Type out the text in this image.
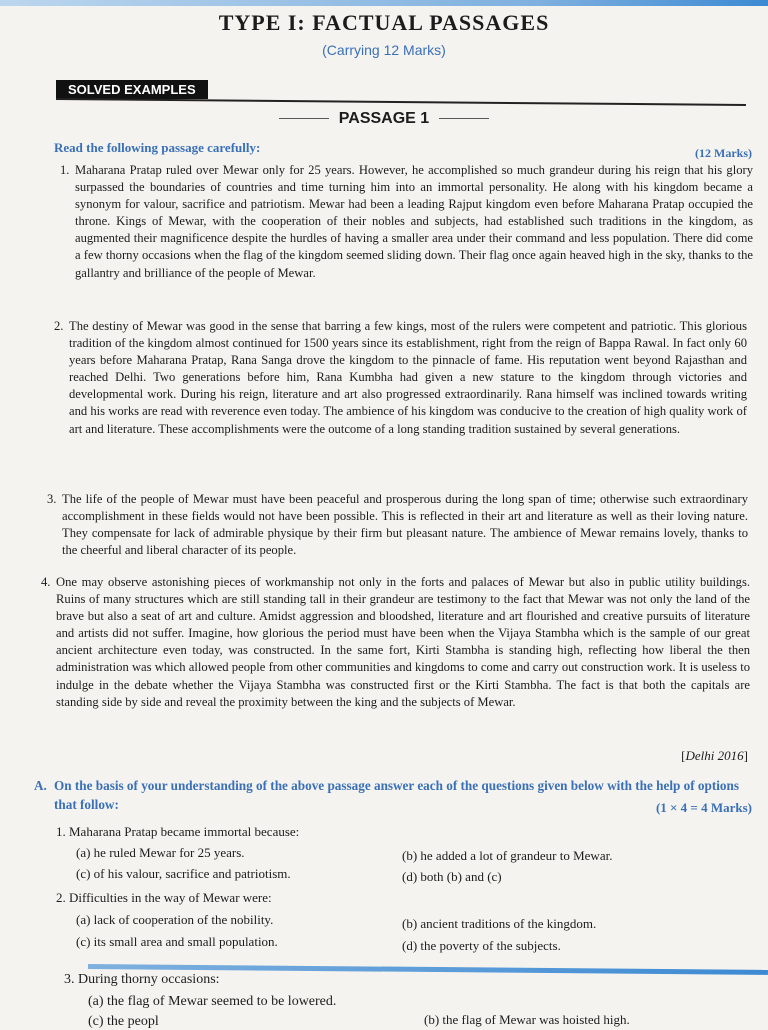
TYPE I: FACTUAL PASSAGES
(Carrying 12 Marks)
SOLVED EXAMPLES
PASSAGE 1
Read the following passage carefully:	(12 Marks)
1. Maharana Pratap ruled over Mewar only for 25 years. However, he accomplished so much grandeur during his reign that his glory surpassed the boundaries of countries and time turning him into an immortal personality. He along with his kingdom became a synonym for valour, sacrifice and patriotism. Mewar had been a leading Rajput kingdom even before Maharana Pratap occupied the throne. Kings of Mewar, with the cooperation of their nobles and subjects, had established such traditions in the kingdom, as augmented their magnificence despite the hurdles of having a smaller area under their command and less population. There did come a few thorny occasions when the flag of the kingdom seemed sliding down. Their flag once again heaved high in the sky, thanks to the gallantry and brilliance of the people of Mewar.
2. The destiny of Mewar was good in the sense that barring a few kings, most of the rulers were competent and patriotic. This glorious tradition of the kingdom almost continued for 1500 years since its establishment, right from the reign of Bappa Rawal. In fact only 60 years before Maharana Pratap, Rana Sanga drove the kingdom to the pinnacle of fame. His reputation went beyond Rajasthan and reached Delhi. Two generations before him, Rana Kumbha had given a new stature to the kingdom through victories and developmental work. During his reign, literature and art also progressed extraordinarily. Rana himself was inclined towards writing and his works are read with reverence even today. The ambience of his kingdom was conducive to the creation of high quality work of art and literature. These accomplishments were the outcome of a long standing tradition sustained by several generations.
3. The life of the people of Mewar must have been peaceful and prosperous during the long span of time; otherwise such extraordinary accomplishment in these fields would not have been possible. This is reflected in their art and literature as well as their loving nature. They compensate for lack of admirable physique by their firm but pleasant nature. The ambience of Mewar remains lovely, thanks to the cheerful and liberal character of its people.
4. One may observe astonishing pieces of workmanship not only in the forts and palaces of Mewar but also in public utility buildings. Ruins of many structures which are still standing tall in their grandeur are testimony to the fact that Mewar was not only the land of the brave but also a seat of art and culture. Amidst aggression and bloodshed, literature and art flourished and creative pursuits of literature and artists did not suffer. Imagine, how glorious the period must have been when the Vijaya Stambha which is the sample of our great ancient architecture even today, was constructed. In the same fort, Kirti Stambha is standing high, reflecting how liberal the then administration was which allowed people from other communities and kingdoms to come and carry out construction work. It is useless to indulge in the debate whether the Vijaya Stambha was constructed first or the Kirti Stambha. The fact is that both the capitals are standing side by side and reveal the proximity between the king and the subjects of Mewar.
[Delhi 2016]
A. On the basis of your understanding of the above passage answer each of the questions given below with the help of options that follow:	(1 × 4 = 4 Marks)
1. Maharana Pratap became immortal because:
(a) he ruled Mewar for 25 years.	(b) he added a lot of grandeur to Mewar.
(c) of his valour, sacrifice and patriotism.	(d) both (b) and (c)
2. Difficulties in the way of Mewar were:
(a) lack of cooperation of the nobility.	(b) ancient traditions of the kingdom.
(c) its small area and small population.	(d) the poverty of the subjects.
3. During thorny occasions:
(a) the flag of Mewar seemed to be lowered.
(b) the flag of Mewar was hoisted high.
(c) the peopl
